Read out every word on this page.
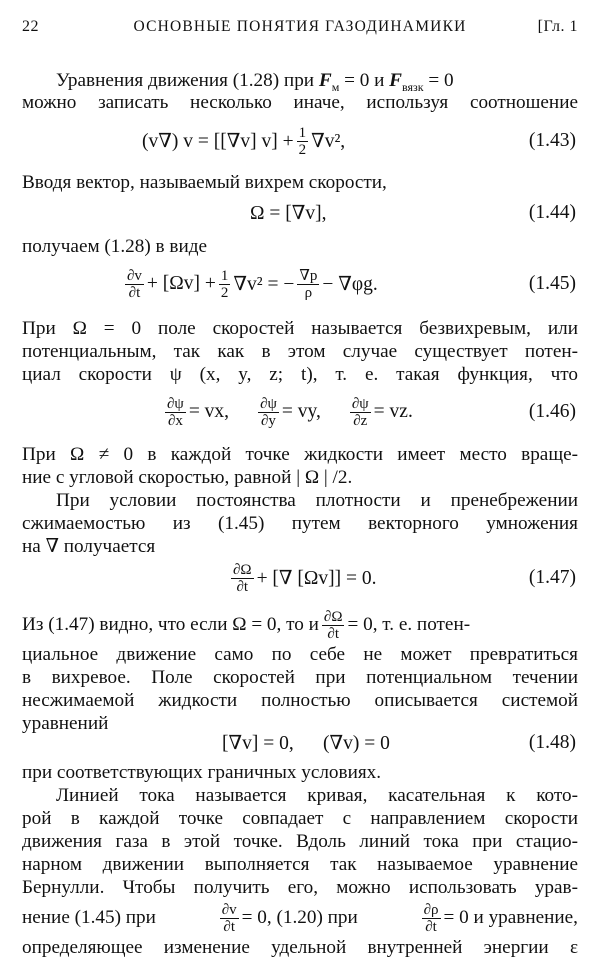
22	ОСНОВНЫЕ ПОНЯТИЯ ГАЗОДИНАМИКИ	[Гл. 1
Уравнения движения (1.28) при $F_м = 0$ и $F_{вязк} = 0$
можно записать несколько иначе, используя соотношение
(v∇) v = [[∇v] $v] + \frac{1}{2} \nabla v^2$,	(1.43)
Вводя вектор, называемый вихрем скорости,
Ω = [∇v],	(1.44)
получаем (1.28) в виде
$\frac{\partial v}{\partial t} + [\Omega v] + \frac{1}{2} \nabla v^2$ = − $\frac{\nabla p}{\rho} - \nabla\varphi g$.	(1.45)
При Ω = 0 поле скоростей называется безвихревым, или
потенциальным, так как в этом случае существует потен-
циал скорости ψ (x, y, z; t), т. е. такая функция, что
$\frac{\partial\psi}{\partial x}$ = vx, $\frac{\partial\psi}{\partial y}$ = vy, $\frac{\partial\psi}{\partial z}$ = vz.	(1.46)
При Ω ≠ 0 в каждой точке жидкости имеет место враще-
ние с угловой скоростью, равной | Ω | /2.
При условии постоянства плотности и пренебрежении
сжимаемостью из (1.45) путем векторного умножения
на ∇ получается
$\frac{\partial\Omega}{\partial t}$ + [∇ [Ωv]] = 0.	(1.47)
Из (1.47) видно, что если Ω = 0, то и $\frac{\partial\Omega}{\partial t} = 0$, т. е. потен-
циальное движение само по себе не может превратиться
в вихревое. Поле скоростей при потенциальном течении
несжимаемой жидкости полностью описывается системой
уравнений
[∇v] = 0,      (∇v) = 0	(1.48)
при соответствующих граничных условиях.
Линией тока называется кривая, касательная к кото-
рой в каждой точке совпадает с направлением скорости
движения газа в этой точке. Вдоль линий тока при стацио-
нарном движении выполняется так называемое уравнение
Бернулли. Чтобы получить его, можно использовать урав-
нение (1.45) при	$\frac{\partial v}{\partial t} = 0$, (1.20) при	$\frac{\partial\rho}{\partial t} = 0$ и уравнение,
определяющее изменение удельной внутренней энергии ε
